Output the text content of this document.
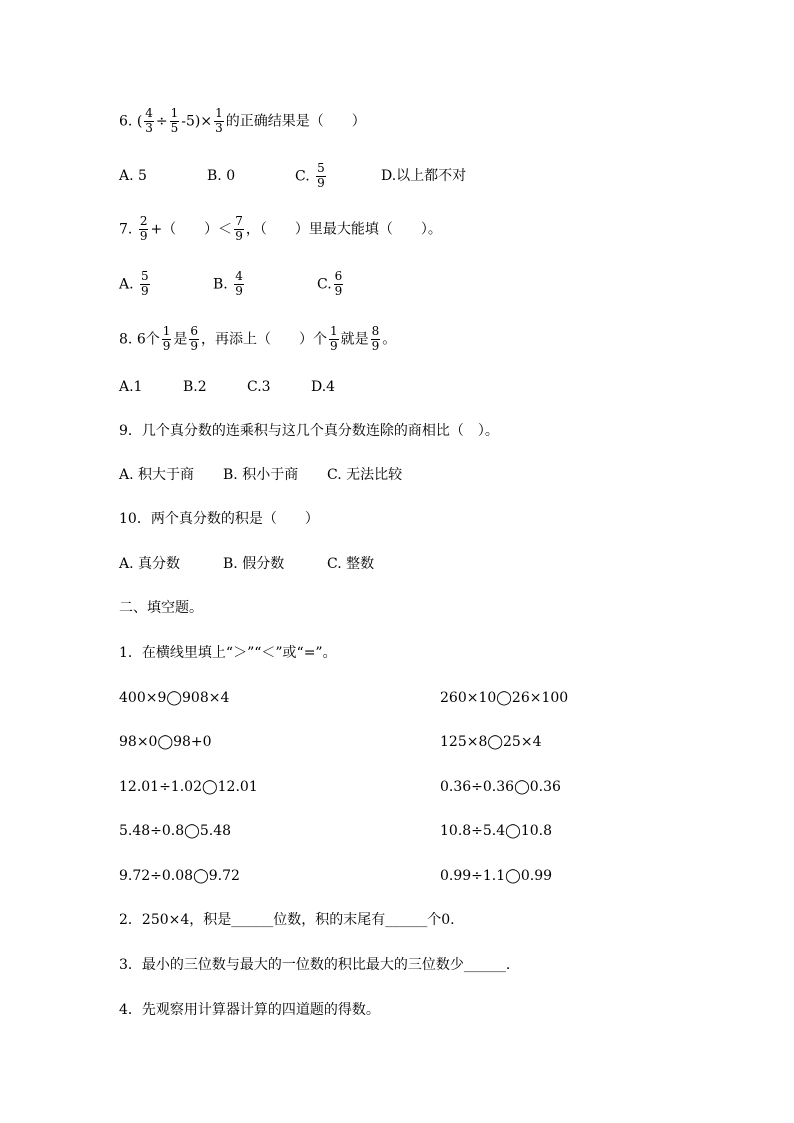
6. ( $\frac{4}{3} \div \frac{1}{5} -5)\times \frac{1}{3}$ 的正确结果是（　　）
A. 5	B. 0	C. $\frac{5}{9}$	D.以上都不对
7. $\frac{2}{9}$ +（　　）＜ $\frac{7}{9}$ ，（　　）里最大能填（　　）。
A. $\frac{5}{9}$	B. $\frac{4}{9}$	C. $\frac{6}{9}$
8. 6个 $\frac{1}{9}$ 是 $\frac{6}{9}$ ，再添上（　　）个 $\frac{1}{9}$ 就是 $\frac{8}{9}$ 。
A.1	B.2	C.3	D.4
9．几个真分数的连乘积与这几个真分数连除的商相比（　）。
A. 积大于商 B. 积小于商 C. 无法比较
10．两个真分数的积是（　　）
A. 真分数	B. 假分数	C. 整数
二、填空题。
1．在横线里填上“＞”“＜”或“=”。
400×9◯908×4	260×10◯26×100
98×0◯98+0	125×8◯25×4
12.01÷1.02◯12.01	0.36÷0.36◯0.36
5.48÷0.8◯5.48	10.8÷5.4◯10.8
9.72÷0.08◯9.72	0.99÷1.1◯0.99
2．250×4，积是______位数，积的末尾有______个0.
3．最小的三位数与最大的一位数的积比最大的三位数少______.
4．先观察用计算器计算的四道题的得数。
